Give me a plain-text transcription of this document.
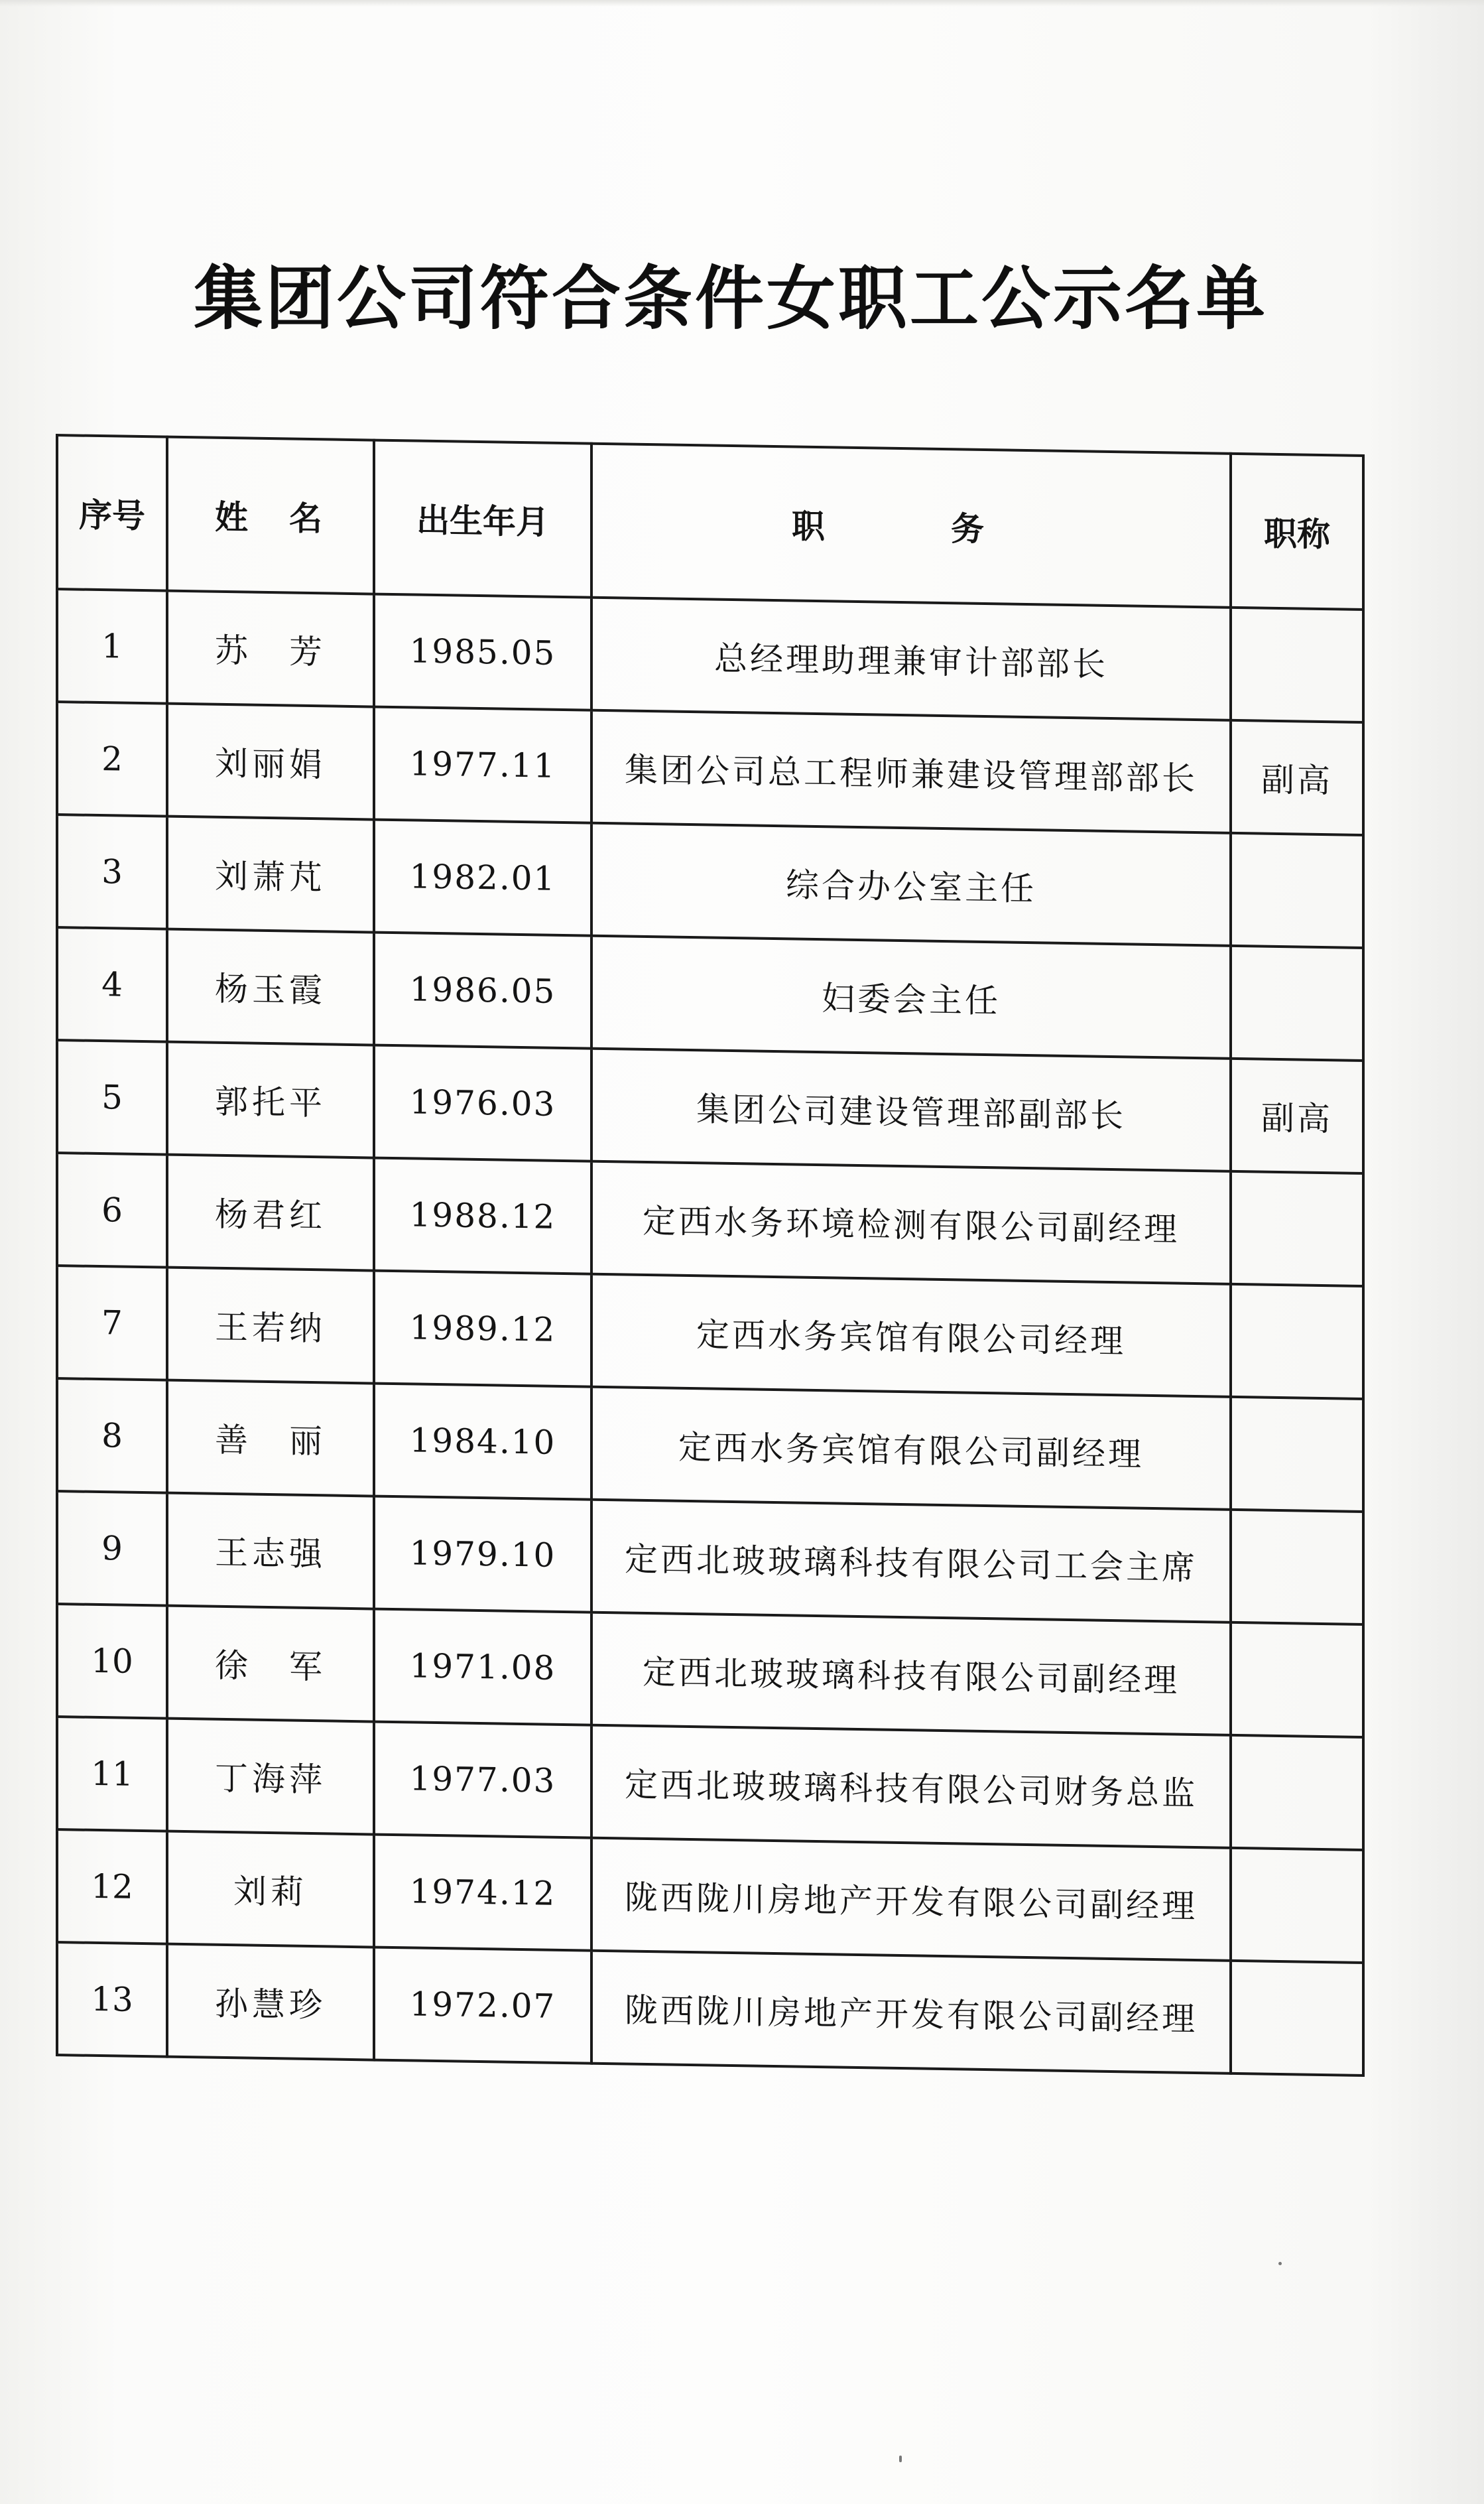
集团公司符合条件女职工公示名单
序号	姓　名	出生年月	职　务	职称
1	苏　芳	1985.05	总经理助理兼审计部部长	
2	刘丽娟	1977.11	集团公司总工程师兼建设管理部部长	副高
3	刘萧芃	1982.01	综合办公室主任	
4	杨玉霞	1986.05	妇委会主任	
5	郭托平	1976.03	集团公司建设管理部副部长	副高
6	杨君红	1988.12	定西水务环境检测有限公司副经理	
7	王若纳	1989.12	定西水务宾馆有限公司经理	
8	善　丽	1984.10	定西水务宾馆有限公司副经理	
9	王志强	1979.10	定西北玻玻璃科技有限公司工会主席	
10	徐　军	1971.08	定西北玻玻璃科技有限公司副经理	
11	丁海萍	1977.03	定西北玻玻璃科技有限公司财务总监	
12	刘莉	1974.12	陇西陇川房地产开发有限公司副经理	
13	孙慧珍	1972.07	陇西陇川房地产开发有限公司副经理	
